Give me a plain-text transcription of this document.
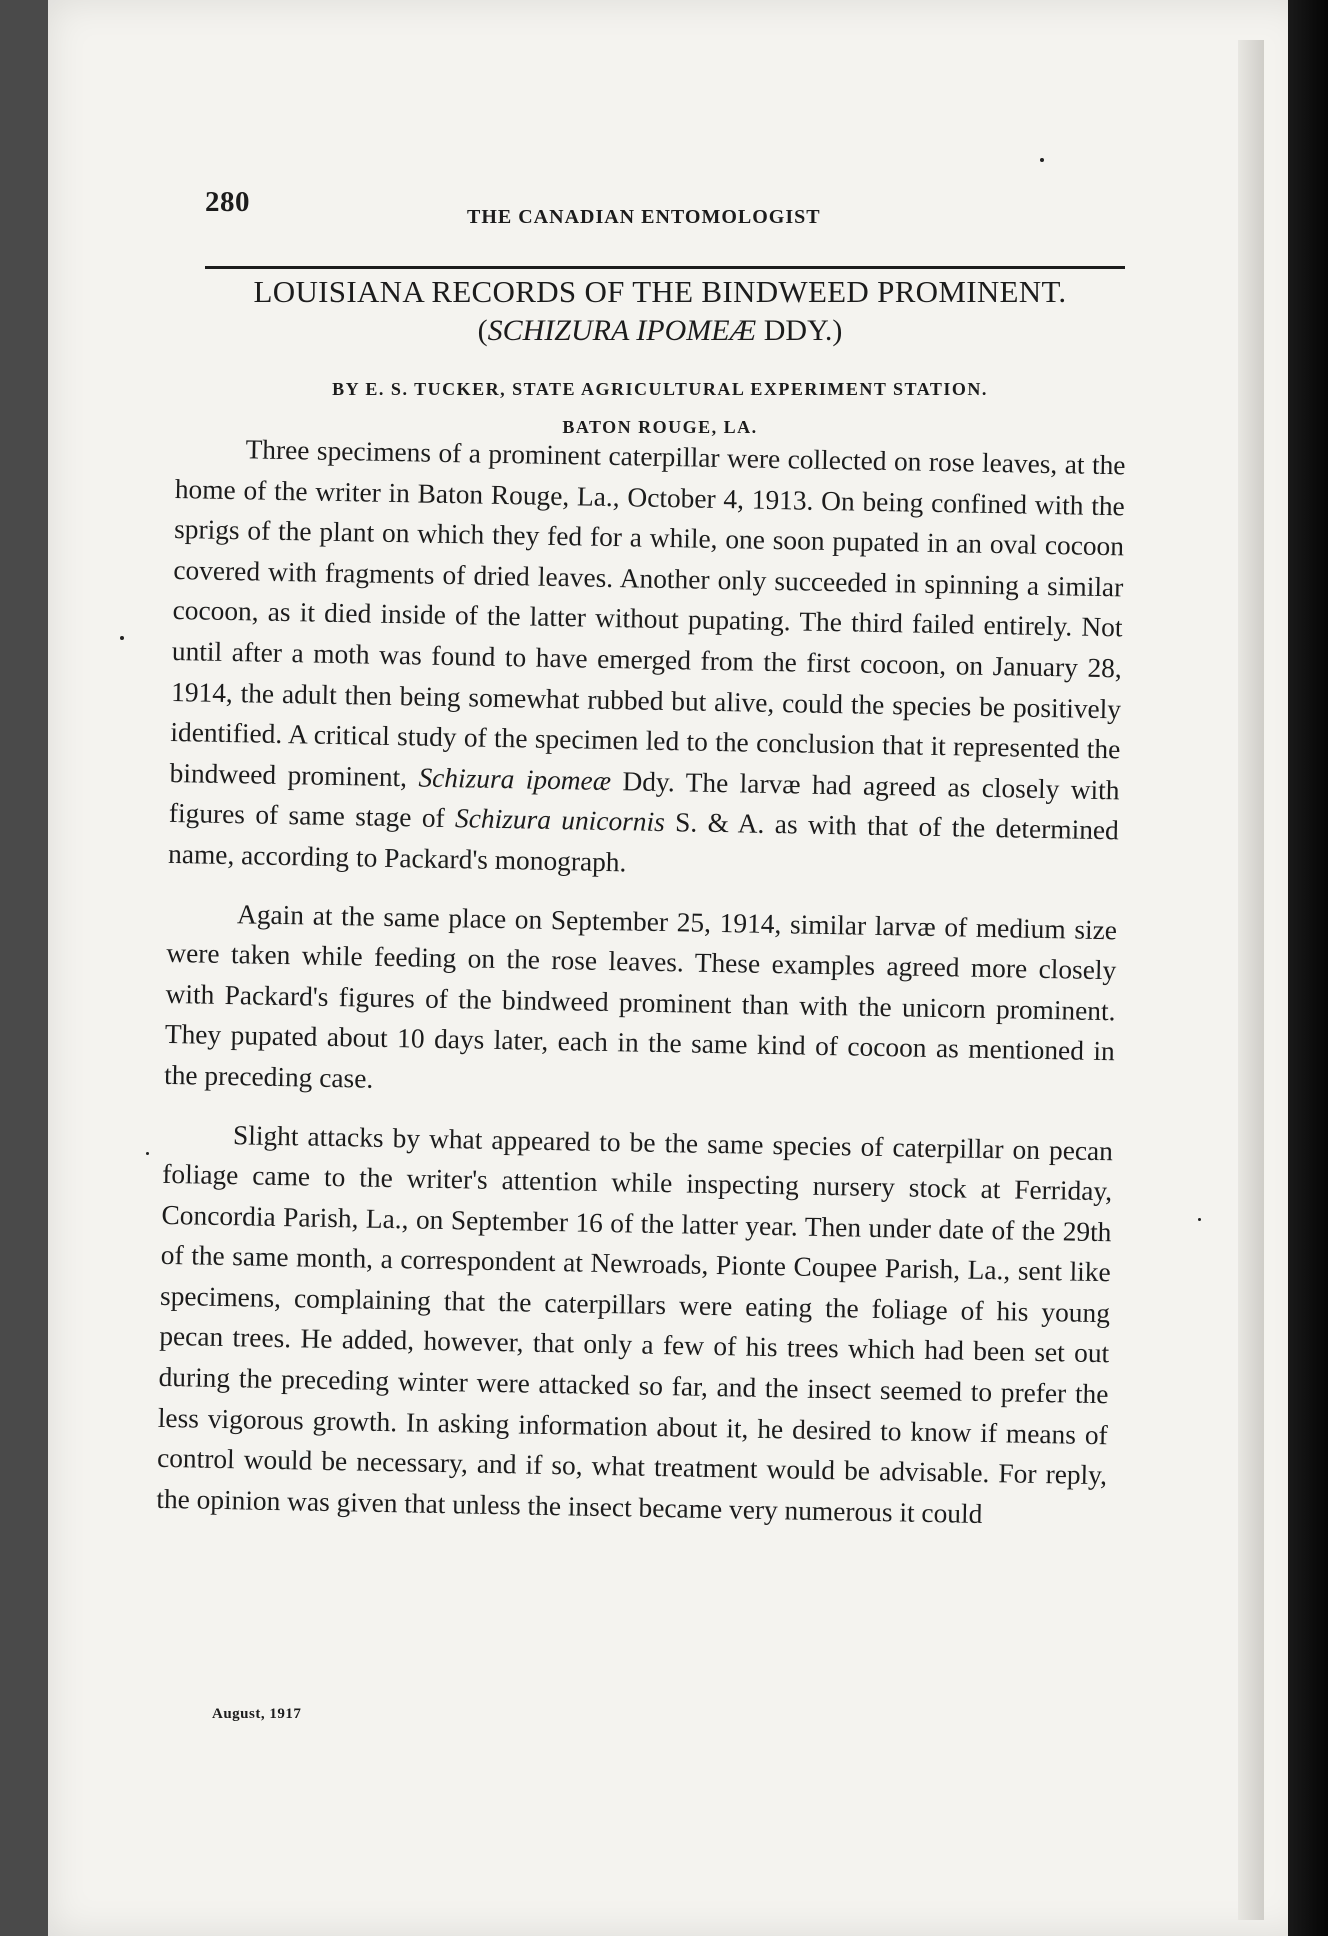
280	THE CANADIAN ENTOMOLOGIST
LOUISIANA RECORDS OF THE BINDWEED PROMINENT.

(SCHIZURA IPOMEÆ DDY.)

BY E. S. TUCKER, STATE AGRICULTURAL EXPERIMENT STATION.
BATON ROUGE, LA.

Three specimens of a prominent caterpillar were collected on rose leaves, at the home of the writer in Baton Rouge, La., October 4, 1913. On being confined with the sprigs of the plant on which they fed for a while, one soon pupated in an oval cocoon covered with fragments of dried leaves. Another only succeeded in spinning a similar cocoon, as it died inside of the latter without pupating. The third failed entirely. Not until after a moth was found to have emerged from the first cocoon, on January 28, 1914, the adult then being somewhat rubbed but alive, could the species be positively identified. A critical study of the specimen led to the conclusion that it represented the bindweed prominent, Schizura ipomeæ Ddy. The larvæ had agreed as closely with figures of same stage of Schizura unicornis S. & A. as with that of the determined name, according to Packard's monograph.

Again at the same place on September 25, 1914, similar larvæ of medium size were taken while feeding on the rose leaves. These examples agreed more closely with Packard's figures of the bindweed prominent than with the unicorn prominent. They pupated about 10 days later, each in the same kind of cocoon as mentioned in the preceding case.

Slight attacks by what appeared to be the same species of caterpillar on pecan foliage came to the writer's attention while inspecting nursery stock at Ferriday, Concordia Parish, La., on September 16 of the latter year. Then under date of the 29th of the same month, a correspondent at Newroads, Pionte Coupee Parish, La., sent like specimens, complaining that the caterpillars were eating the foliage of his young pecan trees. He added, however, that only a few of his trees which had been set out during the preceding winter were attacked so far, and the insect seemed to prefer the less vigorous growth. In asking information about it, he desired to know if means of control would be necessary, and if so, what treatment would be advisable. For reply, the opinion was given that unless the insect became very numerous it could

August, 1917
